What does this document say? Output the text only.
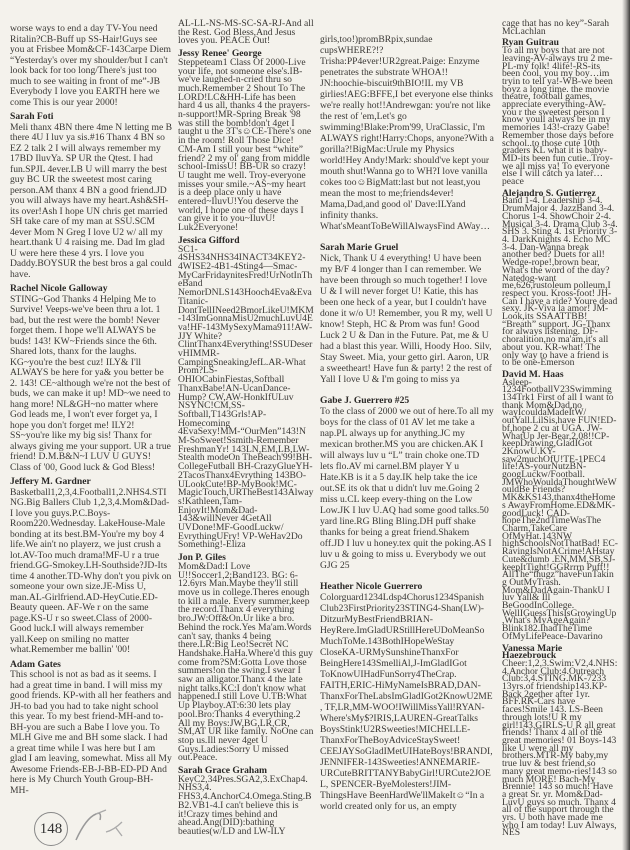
worse ways to end a day TV-You need Ritalin?CB-Buff up SS-Hair!Guys see you at Frisbee Mom&CF-143Carpe Diem “Yesterday's over my shoulder/but I can't look back for too long/There's just too much to see waiting in front of me”-JB Everybody I love you EARTH here we come This is our year 2000!
Sarah Foti
Meli thanx 4BN there 4me N letting me B there 4U I luv ya sis.#16 Thanx 4 BN so EZ 2 talk 2 I will always remember my 17BD IluvYa. SP UR the Qtest. I had fun.SPJL 4ever.LB U will marry the best guy BC UR the sweetest most caring person.AM thanx 4 BN a good friend.JD you will always have my heart.Ash&SH-its over!Ash I hope UN chris get married SH take care of my man at SSU.SCM 4ever Mom N Greg I love U2 w/ all my heart.thank U 4 raising me. Dad Im glad U were here these 4 yrs. I love you Daddy.BOYSUR the best bros a gal could have.
Rachel Nicole Galloway
STING~God Thanks 4 Helping Me to Survive! Veeps-we've been thru a lot. 1 bad, but the rest were the bomb! Never forget them. I hope we'll ALWAYS be buds! 143! KW~Friends since the 6th. Shared lots, thanx for the laughs. KG~you're the best cuz! ILY& I'll ALWAYS be here for ya& you better be 2. 143! CE~although we're not the best of buds, we can make it up! MD~we need to hang more! NL&GH~no matter where God leads me, I won't ever forget ya, I hope you don't forget me! ILY2! SS~you're like my big sis! Thanx for always giving me your support. UR a true friend! D.M.B&N~I LUV U GUYS! Class of '00, Good luck & God Bless!
Jeffery M. Gardner
Basketball1,2,3,4.Football1,2.NHS4.STING.Big Ballers Club 1,2,3,4.Mom&Dad-I love you guys.P.C.Boys-Room220.Wednesday. LakeHouse-Male bonding at its best.BM-You're my boy 4 life.We ain't no playerz, we just crush a lot.AV-Too much drama!MF-U r a true friend.GG-Smokey.LH-Southside?JD-Its time 4 another.TD-Why don't you pivk on someone your own size.JE-Miss U, man.AL-Girlfriend.AD-HeyCutie.ED-Beauty queen. AF-We r on the same page.KS-U r so sweet.Class of 2000-Good luck.I will always remember yall.Keep on smiling no matter what.Remember me ballin' '00!
Adam Gates
This school is not as bad as it seems. I had a great time in band. I will miss my good friends. KP-with all her feathers and JH-to bad you had to take night school this year. To my best friend-MH-and to-BH-you are such a Babe I love you. To MLH Give me and BH some slack. I had a great time while I was here but I am glad I am leaving, somewhat. Miss all My Awesome Friends-EB-J-BB-ED-PD And here is My Church Youth Group-BH-MH-
AL-LL-NS-MS-SC-SA-RJ-And all the Rest. God Bless,And Jesus loves you. PEACE Out!
Jessy Renee' George
Steppeteam1 Class Of 2000-Live your life, not someone else's.IB-we've laughed-n-cried thru so much.Remember 2 Shout To The LORD!LC&HH-Life has been hard 4 us all, thanks 4 the prayers-n-support!MR-Spring Break '98 was still the bomb!don't 4get I taught u the 3T's☺CE-There's one in the room! Roll Those Dice! CM-Am I still your best “white” friend? 2 my ol' gang from middle school-ImissU! BB-UR so crazy! U taught me well. Troy-everyone misses your smile.~AS~my heart is a deep place only u have entered~IluvU!You deserve the world, I hope one of these days I can give it to you~IluvU! Luk2Everyone!
Jessica Gifford
SC1-4SHS34NHS34INACT34KEY2-4WISE2-4B1-4Sting4—Smac-MyCarFridaynitesFred!UrNotInTheBand NemorDNLS143Hooch4Eva&EvaTitanic-DontTellINeed2BmorLikeU!MKM-143ImGonnaMisU2muchLuvU4Eva!HF-143MySexyMama911!AW-JJY White? ClintThanx4Everything!SSUDeservHIMMR-CampingSneakingJefL.AR-What Prom?LS-OHIOCabinFiestas,Softball ThanxBabe!AN-UcanDance-Hump? CW,AW-HonkIfULuv NSYNC!CM,SS-Softball,T143Grls!AP-Homecoming 4EvaSexy!MM-“OurMen”143!NM-SoSweet!Ssmith-Remember FreshmanYr! 143LN,EM,LB,LW-Stealth modeOn TheBeach'99!BH-CollegeFutball BH-CrazyGlueYH-2TacosThanx4Evrything 143BO-ULookCute!BP-MyBook!MC-MagicTouch,URTheBest143Always!Kathleen,Tam-EnjoyIt!Mom&Dad-143&willNever 4GetAll UVDone!MF-GoodLuckw/ EvrythingUFry! VP-WeHav2Do Something!-Eliza
Jon P. Giles
Mom&Dad:I Love U!!Soccer1,2;Band123. BG: 6-12.6yrs Man.Maybe they'll still move us in college.Theres enough to kill a male. Every summer,keep the record.Thanx 4 everything bro.JW:Off&On.Ur like a bro. Behind the rock.Yes Ma'am.Words can't say, thanks 4 being there.LR:Big Leo!Secret NC Handshake.HaHa.Where'd this guy come from?SM:Gotta Love those summers!on the swing.I swear I saw an alligator.Thanx 4 the late night talks.KC:I don't know what happened.I still Love U.TB:What Up Playboy.AT:6:30 lets play pool.Bro:Thanks 4 everything.2 All my Boys:JW,BG,LR,CR, SM,AT UR like family. NoOne can stop us.Ill never 4get U Guys.Ladies:Sorry U missed out.Peace.
Sarah Grace Graham
KeyC2,34Pres.SGA2,3.ExChap4.NHS3,4. FHS3,4.AnchorC4.Omega.Sting.BB2.VB1-4.I can't believe this is it!Crazy times behind and ahead.Ang(DID):bathing beauties(w/LD and LW-ILY
girls,too!)promBRpix,sundae cupsWHERE?!?Trisha:PP4ever!UR2great.Paige: Enzyme penetrates the substrate WHOA!! JN:hoochie-biscuit9thBIO!IL my VB girlies!AEG:BFFE,I bet everyone else thinks we're really hot!!Andrewgan: you're not like the rest of 'em,Let's go swimming!Blake:Prom'99, UraClassic, I'm ALWAYS right!Harry:Chops, anyone?With a gorilla?!BigMac:Urule my Physics world!Hey Andy!Mark: should've kept your mouth shut!Wanna go to WH?I love vanilla cokes too☺BigMatt:last but not least,you mean the most to me;friends4ever! Mama,Dad,and good ol' Dave:ILYand infinity thanks. What'sMeantToBeWillAlwaysFind AWay…
Sarah Marie Gruel
Nick, Thank U 4 everything! U have been my B/F 4 longer than I can remember. We have been through so much together! I love U & I will never forget U! Katie, this has been one heck of a year, but I couldn't have done it w/o U! Remember, you R my, well U know! Steph, HC & Prom was fun! Good Luck 2 U & Dan in the Future. Pat, me & U had a blast this year. Willi, Hoody Hoo. Silv, Stay Sweet. Mia, your getto girl. Aaron, UR a sweetheart! Have fun & party! 2 the rest of Yall I love U & I'm going to miss ya
Gabe J. Guerrero #25
To the class of 2000 we out of here.To all my boys for the class of 01 AV let me take a nap.PL always up for anything.JC my mexican brother.MS you are chicken.AK I will always luv u “L” train choke one.TD lets flo.AV mi carnel.BM player Y u Hate.KB is it a 5 day.IK help take the ice out.SE its ok that u didn't luv me.Going 2 miss u.CL keep every-thing on the Low Low.JK I luv U.AQ had some good talks.50 yard line.RG Bling Bling.DH puff shake thanks for being a great friend.Shakem off.JD I luv u honey.tex quit the poking.AS I luv u & going to miss u. Everybody we out GJG 25
Heather Nicole Guerrero
Colorguard1234Ldsp4Chorus1234Spanish Club23FirstPriority23STING4-Shan(LW)-DitzurMyBestFriendBRIAN-HeyRere.ImGladURStillHereUDoMeanSo MuchToMe.143BothIHopeWeStay CloseKA-URMySunshineThanxFor BeingHere143SmelliAl,J-ImGladIGot ToKnowUIHadFunSorry4TheCrap. FAITH,ERIC-HiMyNameIsBRAD,DAN-ThanxForTheLabsImGladIGot2KnowU2ME, TF,LR,MM-WOO!IWillMissYall!RYAN-Where'sMy$?IRIS,LAUREN-GreatTalks BoysStink!U2RSweeties!MICHELLE-ThanxForTheBoyAdviceStaySweet! CEEJAYSoGladIMetUIHateBoys!BRANDI, JENNIFER-143Sweeties!ANNEMARIE-URCuteBRITTANYBabyGirl!URCute2JOEL, SPENCER-ByeMolesters!JIM-ThingsHave BeenHardWe'llMakeIt☺“In a world created only for us, an empty
cage that has no key”-Sarah McLachlan
Ryan Guitrau
To all my boys that are not leaving-AV-always tru 2 me-PL-my folk! 4life!-RS-its been cool, you my boy…im tryin to tell ya!-WB-we been boyz a long time. the movie theatre, football games, appreciate everything-AW-you r the sweetest person I know youll always be in my memories 143!-crazy Gabe! Remember those days before school..to those cute 10th graders KL what it is baby-MD-its been fun cutie..Troy-we all miss ya! To everyone else I will catch ya later…peace
Alejandro S. Gutierrez
Band 1-4. Leadership 3-4. DrumMajor 4. JazzBand 3-4. Chorus 1-4. ShowChoir 2-4. Musical 3-4. Drama Club 3-4. SHS 3. Sting 4. 1st Priority 3-4. DarkKnights 4. Echo MC 3-4. Dan-Wanna break another bed? Duets for all! Wedge-rope!,brown bear, What's the word of the day? Natedog-want me,626,rustoleum polleum,I respect you. Kross-foot! JH-Can I have a ride? Youre dead sexy. JK-Viva la amor! JM-Look,its SSAATTBB! “Breath” support. JG-Thanx for always listening. DF-choralition,no ma'am,it's all about you. KR-what! The only way to have a friend is to be one-Emerson
David M. Haas
Asleep-1234FootballV23Swimming 134Trk1 First of all I want to thank Mom&Dad,no wayIcouldaMadeItW/ outYall.LilSis,have FUN!ED-bf,hope 2 cu at UGA. JW-WhatUp Jer-Bear,2.08!!CP-keepDrawing,GladIGot 2KnowU.KY-saw2muchOfU!TE-1PEC4 life!AS-yourNutzBN-googLuckw/Football. JMWhoWouldaThoughtWeWouldBe Friends?MK&KS143,thanx4theHomes AwayFromHome.ED&MK-goodLuck! CAD-hopeThe2ndTimeWasThe Charm,TakeCare OfMyHat.143NW highSchoolsNotThatBad! EC-RavingIsNotACrime!AHstayCute&dumb .EN,MM,SB,SJ-keepItTight!GGRrrrn Puff!! AllThe“thugz”haveFunTaking OutMyTrash. Mom&DadAgain-ThankU I luv Yall& Ill BeGoodInCollege. WellIGuessThisIsGrowingUp,What's MyAgeAgain?Blink182.IhadTheTime OfMyLifePeace-Davarino
Vanessa Marie Haezebrouck
Cheer:1,2,3.Swim:V2,4.NHS:4.Anchor Club:4.Outreach Club:3,4.STING.MK-7233 13yrs.of friendship143.KP-Back 2gether after 1yr. BFF.RK-Cars have faces!Smile 143. LS-Been through lots!U R my girl!143.GIRLS-U R all great friends! Thanx 4 all of the great memories! 01 Boys-143 like U were all my brothers.MTR-My baby,my true luv & best friend,so many great memo-ries!143 so much MORE! Bach-My Brennie! 143 so much! Have a great Sr. yr. Mom&Dad-LuvU guys so much. Thanx 4 all of the support through the yrs. U both have made me who I am today! Luv Always, NES
148
